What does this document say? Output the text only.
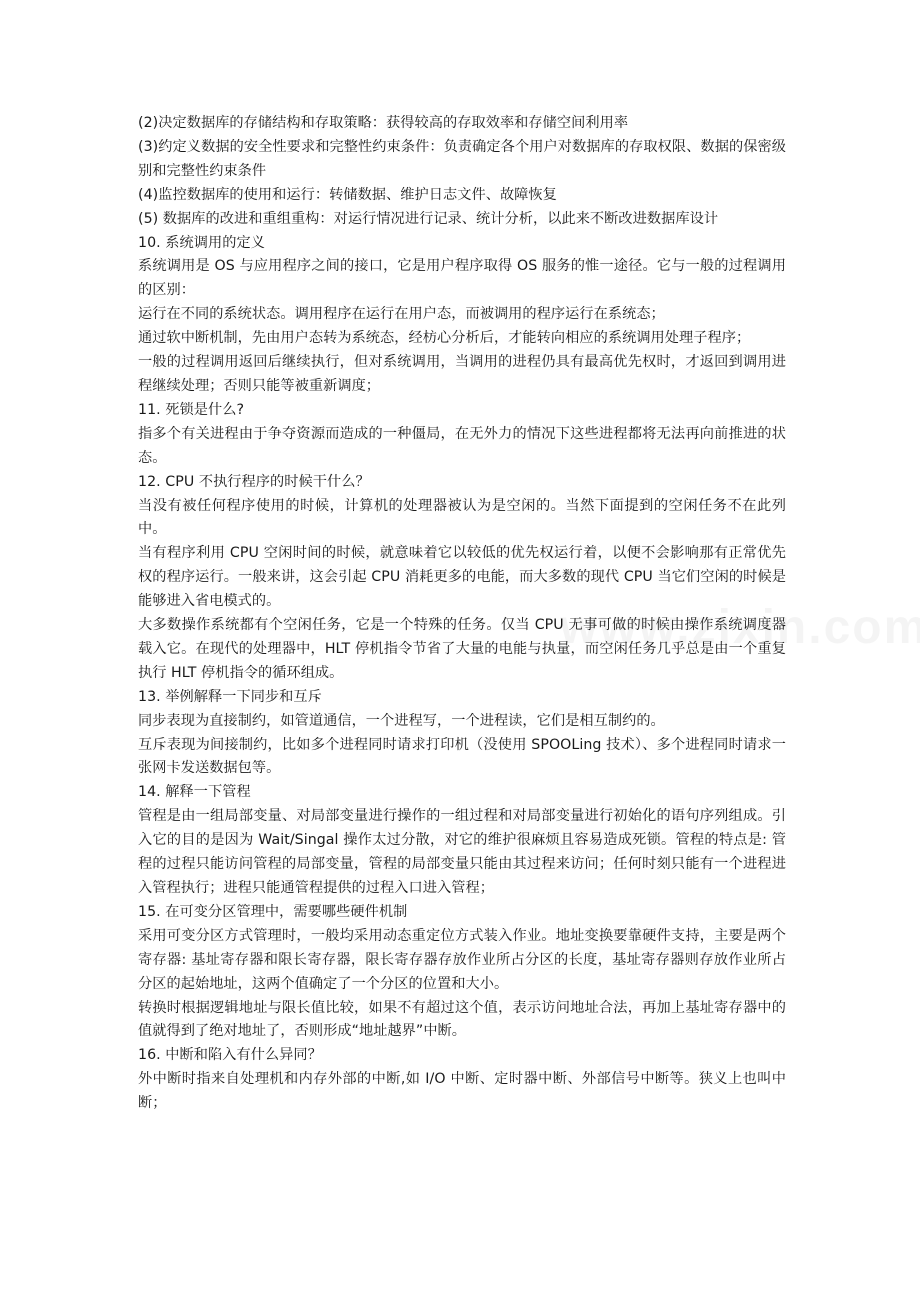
(2)决定数据库的存储结构和存取策略：获得较高的存取效率和存储空间利用率

(3)约定义数据的安全性要求和完整性约束条件：负责确定各个用户对数据库的存取权限、数据的保密级别和完整性约束条件

(4)监控数据库的使用和运行：转储数据、维护日志文件、故障恢复

(5) 数据库的改进和重组重构：对运行情况进行记录、统计分析，以此来不断改进数据库设计

10. 系统调用的定义

系统调用是 OS 与应用程序之间的接口，它是用户程序取得 OS 服务的惟一途径。它与一般的过程调用的区别：

运行在不同的系统状态。调用程序在运行在用户态，而被调用的程序运行在系统态；

通过软中断机制，先由用户态转为系统态，经枋心分析后，才能转向相应的系统调用处理子程序；

一般的过程调用返回后继续执行，但对系统调用，当调用的进程仍具有最高优先权时，才返回到调用进程继续处理；否则只能等被重新调度；

11. 死锁是什么?

指多个有关进程由于争夺资源而造成的一种僵局，在无外力的情况下这些进程都将无法再向前推进的状态。

12. CPU 不执行程序的时候干什么？

当没有被任何程序使用的时候，计算机的处理器被认为是空闲的。当然下面提到的空闲任务不在此列中。

当有程序利用 CPU 空闲时间的时候，就意味着它以较低的优先权运行着，以便不会影响那有正常优先权的程序运行。一般来讲，这会引起 CPU 消耗更多的电能，而大多数的现代 CPU 当它们空闲的时候是能够进入省电模式的。

大多数操作系统都有个空闲任务，它是一个特殊的任务。仅当 CPU 无事可做的时候由操作系统调度器载入它。在现代的处理器中，HLT 停机指令节省了大量的电能与执量，而空闲任务几乎总是由一个重复执行 HLT 停机指令的循环组成。

13. 举例解释一下同步和互斥

同步表现为直接制约，如管道通信，一个进程写，一个进程读，它们是相互制约的。

互斥表现为间接制约，比如多个进程同时请求打印机（没使用 SPOOLing 技术）、多个进程同时请求一张网卡发送数据包等。

14. 解释一下管程

管程是由一组局部变量、对局部变量进行操作的一组过程和对局部变量进行初始化的语句序列组成。引入它的目的是因为 Wait/Singal 操作太过分散，对它的维护很麻烦且容易造成死锁。管程的特点是: 管程的过程只能访问管程的局部变量，管程的局部变量只能由其过程来访问；任何时刻只能有一个进程进入管程执行；进程只能通管程提供的过程入口进入管程；

15. 在可变分区管理中，需要哪些硬件机制

采用可变分区方式管理时，一般均采用动态重定位方式装入作业。地址变换要靠硬件支持，主要是两个寄存器: 基址寄存器和限长寄存器，限长寄存器存放作业所占分区的长度，基址寄存器则存放作业所占分区的起始地址，这两个值确定了一个分区的位置和大小。

转换时根据逻辑地址与限长值比较，如果不有超过这个值，表示访问地址合法，再加上基址寄存器中的值就得到了绝对地址了，否则形成“地址越界”中断。

16. 中断和陷入有什么异同？

外中断时指来自处理机和内存外部的中断,如 I/O 中断、定时器中断、外部信号中断等。狭义上也叫中断；
